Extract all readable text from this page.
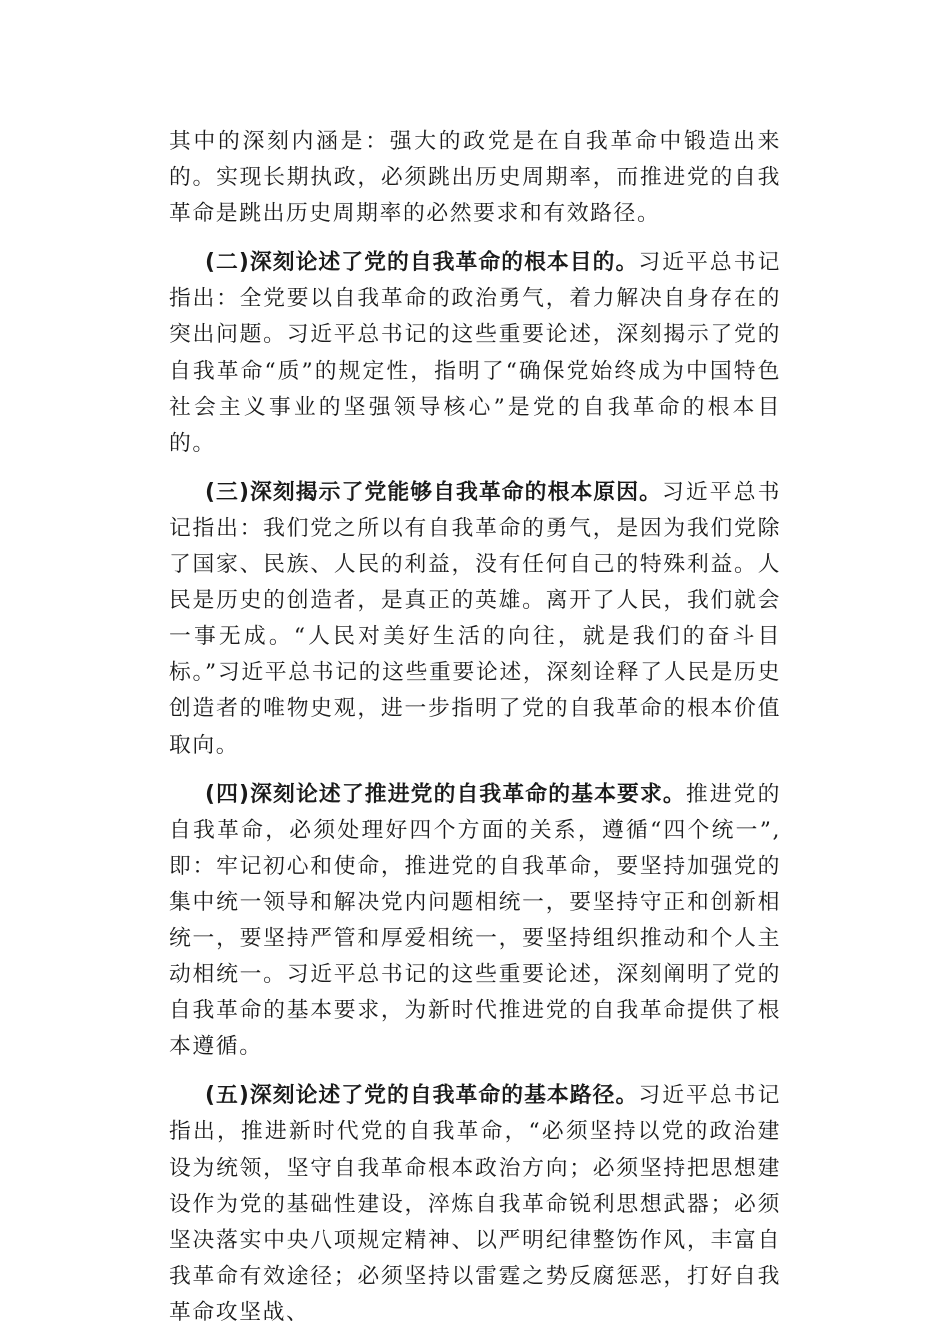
其中的深刻内涵是：强大的政党是在自我革命中锻造出来的。实现长期执政，必须跳出历史周期率，而推进党的自我革命是跳出历史周期率的必然要求和有效路径。

(二)深刻论述了党的自我革命的根本目的。习近平总书记指出：全党要以自我革命的政治勇气，着力解决自身存在的突出问题。习近平总书记的这些重要论述，深刻揭示了党的自我革命“质”的规定性，指明了“确保党始终成为中国特色社会主义事业的坚强领导核心”是党的自我革命的根本目的。

(三)深刻揭示了党能够自我革命的根本原因。习近平总书记指出：我们党之所以有自我革命的勇气，是因为我们党除了国家、民族、人民的利益，没有任何自己的特殊利益。人民是历史的创造者，是真正的英雄。离开了人民，我们就会一事无成。“人民对美好生活的向往，就是我们的奋斗目标。”习近平总书记的这些重要论述，深刻诠释了人民是历史创造者的唯物史观，进一步指明了党的自我革命的根本价值取向。

(四)深刻论述了推进党的自我革命的基本要求。推进党的自我革命，必须处理好四个方面的关系，遵循“四个统一”,即：牢记初心和使命，推进党的自我革命，要坚持加强党的集中统一领导和解决党内问题相统一，要坚持守正和创新相统一，要坚持严管和厚爱相统一，要坚持组织推动和个人主动相统一。习近平总书记的这些重要论述，深刻阐明了党的自我革命的基本要求，为新时代推进党的自我革命提供了根本遵循。

(五)深刻论述了党的自我革命的基本路径。习近平总书记指出，推进新时代党的自我革命，“必须坚持以党的政治建设为统领，坚守自我革命根本政治方向；必须坚持把思想建设作为党的基础性建设，淬炼自我革命锐利思想武器；必须坚决落实中央八项规定精神、以严明纪律整饬作风，丰富自我革命有效途径；必须坚持以雷霆之势反腐惩恶，打好自我革命攻坚战、
